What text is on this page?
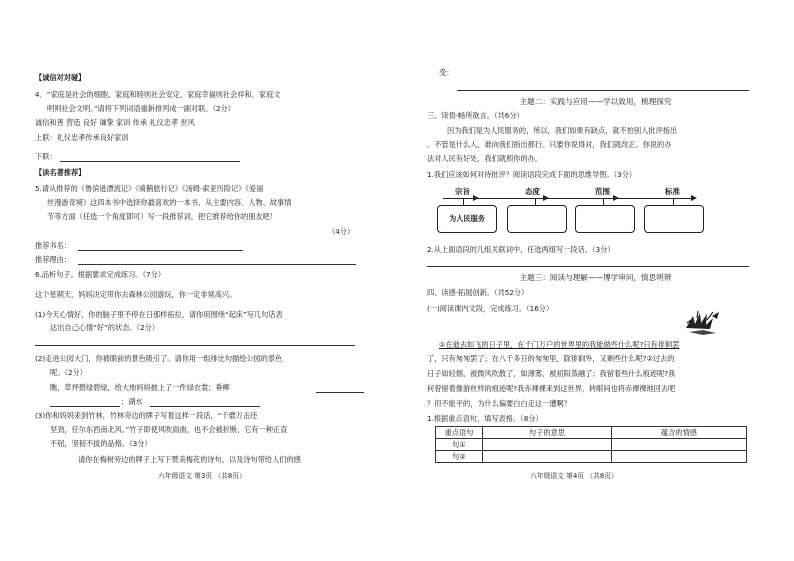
【诚信对对碰】
4．“家庭是社会的细胞，家庭和睦则社会安定，家庭幸福则社会祥和，家庭文
明则社会文明。”请将下列词语重新排列成一副对联。（2分）
诚信和善 营造 良好 谦挚 家训 传承 礼仪忠孝 世风
上联：礼仪忠孝传承良好家训
下联：
【读名著推荐】
5.请从推荐的《鲁滨逊漂流记》《骑鹅旅行记》《汤姆·索亚历险记》《爱丽
丝漫游奇境》这四本书中选择你最喜欢的一本书，从主要内容、人物、故事情
节等方面（任选一个角度即可）写一段推荐词，把它推荐给你的朋友吧！
（4分）
推荐书名：
推荐理由：
6.品析句子。根据要求完成练习。（7分）
这个星期天，妈妈决定带你去森林公园游玩，你一定非常高兴。
(1)今天心情好，你的脑子里不停在日那样拓拉，请你用围绕“起床”写几句话表
达出自己心情“好”的状态。（2分）
(2)走进公园大门，你被眼前的景色吸引了。请你用一组排比句描绘公园的景色
呢。（2分）
瞧，草坪碧绿碧绿，给大地妈妈披上了一件绿衣裳；垂柳
；湖水
(3)你和妈妈来到竹林，竹林旁边的牌子写着这样一段话，“千磨万击还
坚劲，任尔东西南北风。”竹子即使风吹雨曲，也不会被折断，它有一种正直
不屈，坚韧不拔的品格。（3分）
请你在梅树旁边的牌子上写下赞美梅花的诗句，以及诗句带给人们的感
六年级语文 第3页 （共8页）
受：
主题二：实践与应用——学以致用，梳理探究
三、读悟·畅所欲言。（共6分）
因为我们是为人民服务的，所以，我们如果有缺点，就不怕别人批评指出
。不管是什么人，谁向我们指出都行。只要你说得对，我们就改正。你说的办
法对人民有好处，我们就照你的办。
1.我们应该如何对待批评？阅读语段完成下面的思维导图。（3分）
宗旨	态度	范围	标准
为人民服务
2.从上面语段的几组关联词中，任选两组写一段话。（3分）
主题三：阅读与理解——博学审问，慎思明辨
四、读感·拓展创新。（共52分）
(一)阅读课内文段，完成练习。（16分）
①在逝去如飞的日子里，在千门万户的世界里的我能做些什么呢?只有徘徊罢
了，只有匆匆罢了；在八千多日的匆匆里，除徘徊外，又剩些什么呢?②过去的
日子如轻烟，被微风吹散了，如薄雾，被初阳蒸融了；我留着些什么痕迹呢?我
何曾留着像游丝样的痕迹呢?我赤裸裸来到这世界，转眼间也将赤裸裸地回去吧
？但不能平的，为什么偏要白白走这一遭啊？
1.根据重点语句，填写表格。（8分）
重点语句	句子的意思	蕴含的情感
句①		
句②		
六年级语文 第4页 （共8页）
